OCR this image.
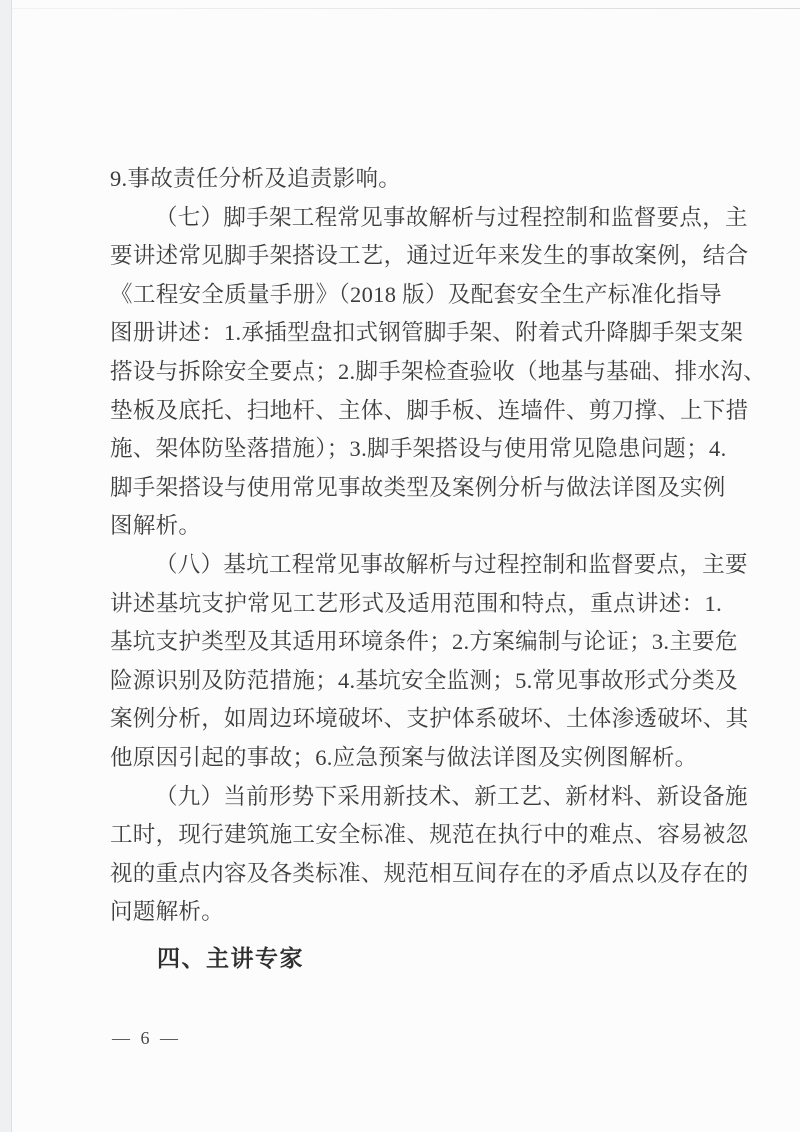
9.事故责任分析及追责影响。
（七）脚手架工程常见事故解析与过程控制和监督要点，主
要讲述常见脚手架搭设工艺，通过近年来发生的事故案例，结合
《工程安全质量手册》（2018 版）及配套安全生产标准化指导
图册讲述：1.承插型盘扣式钢管脚手架、附着式升降脚手架支架
搭设与拆除安全要点；2.脚手架检查验收（地基与基础、排水沟、
垫板及底托、扫地杆、主体、脚手板、连墙件、剪刀撑、上下措
施、架体防坠落措施）；3.脚手架搭设与使用常见隐患问题；4.
脚手架搭设与使用常见事故类型及案例分析与做法详图及实例
图解析。
（八）基坑工程常见事故解析与过程控制和监督要点，主要
讲述基坑支护常见工艺形式及适用范围和特点，重点讲述：1.
基坑支护类型及其适用环境条件；2.方案编制与论证；3.主要危
险源识别及防范措施；4.基坑安全监测；5.常见事故形式分类及
案例分析，如周边环境破坏、支护体系破坏、土体渗透破坏、其
他原因引起的事故；6.应急预案与做法详图及实例图解析。
（九）当前形势下采用新技术、新工艺、新材料、新设备施
工时，现行建筑施工安全标准、规范在执行中的难点、容易被忽
视的重点内容及各类标准、规范相互间存在的矛盾点以及存在的
问题解析。
四、主讲专家
— 6 —
